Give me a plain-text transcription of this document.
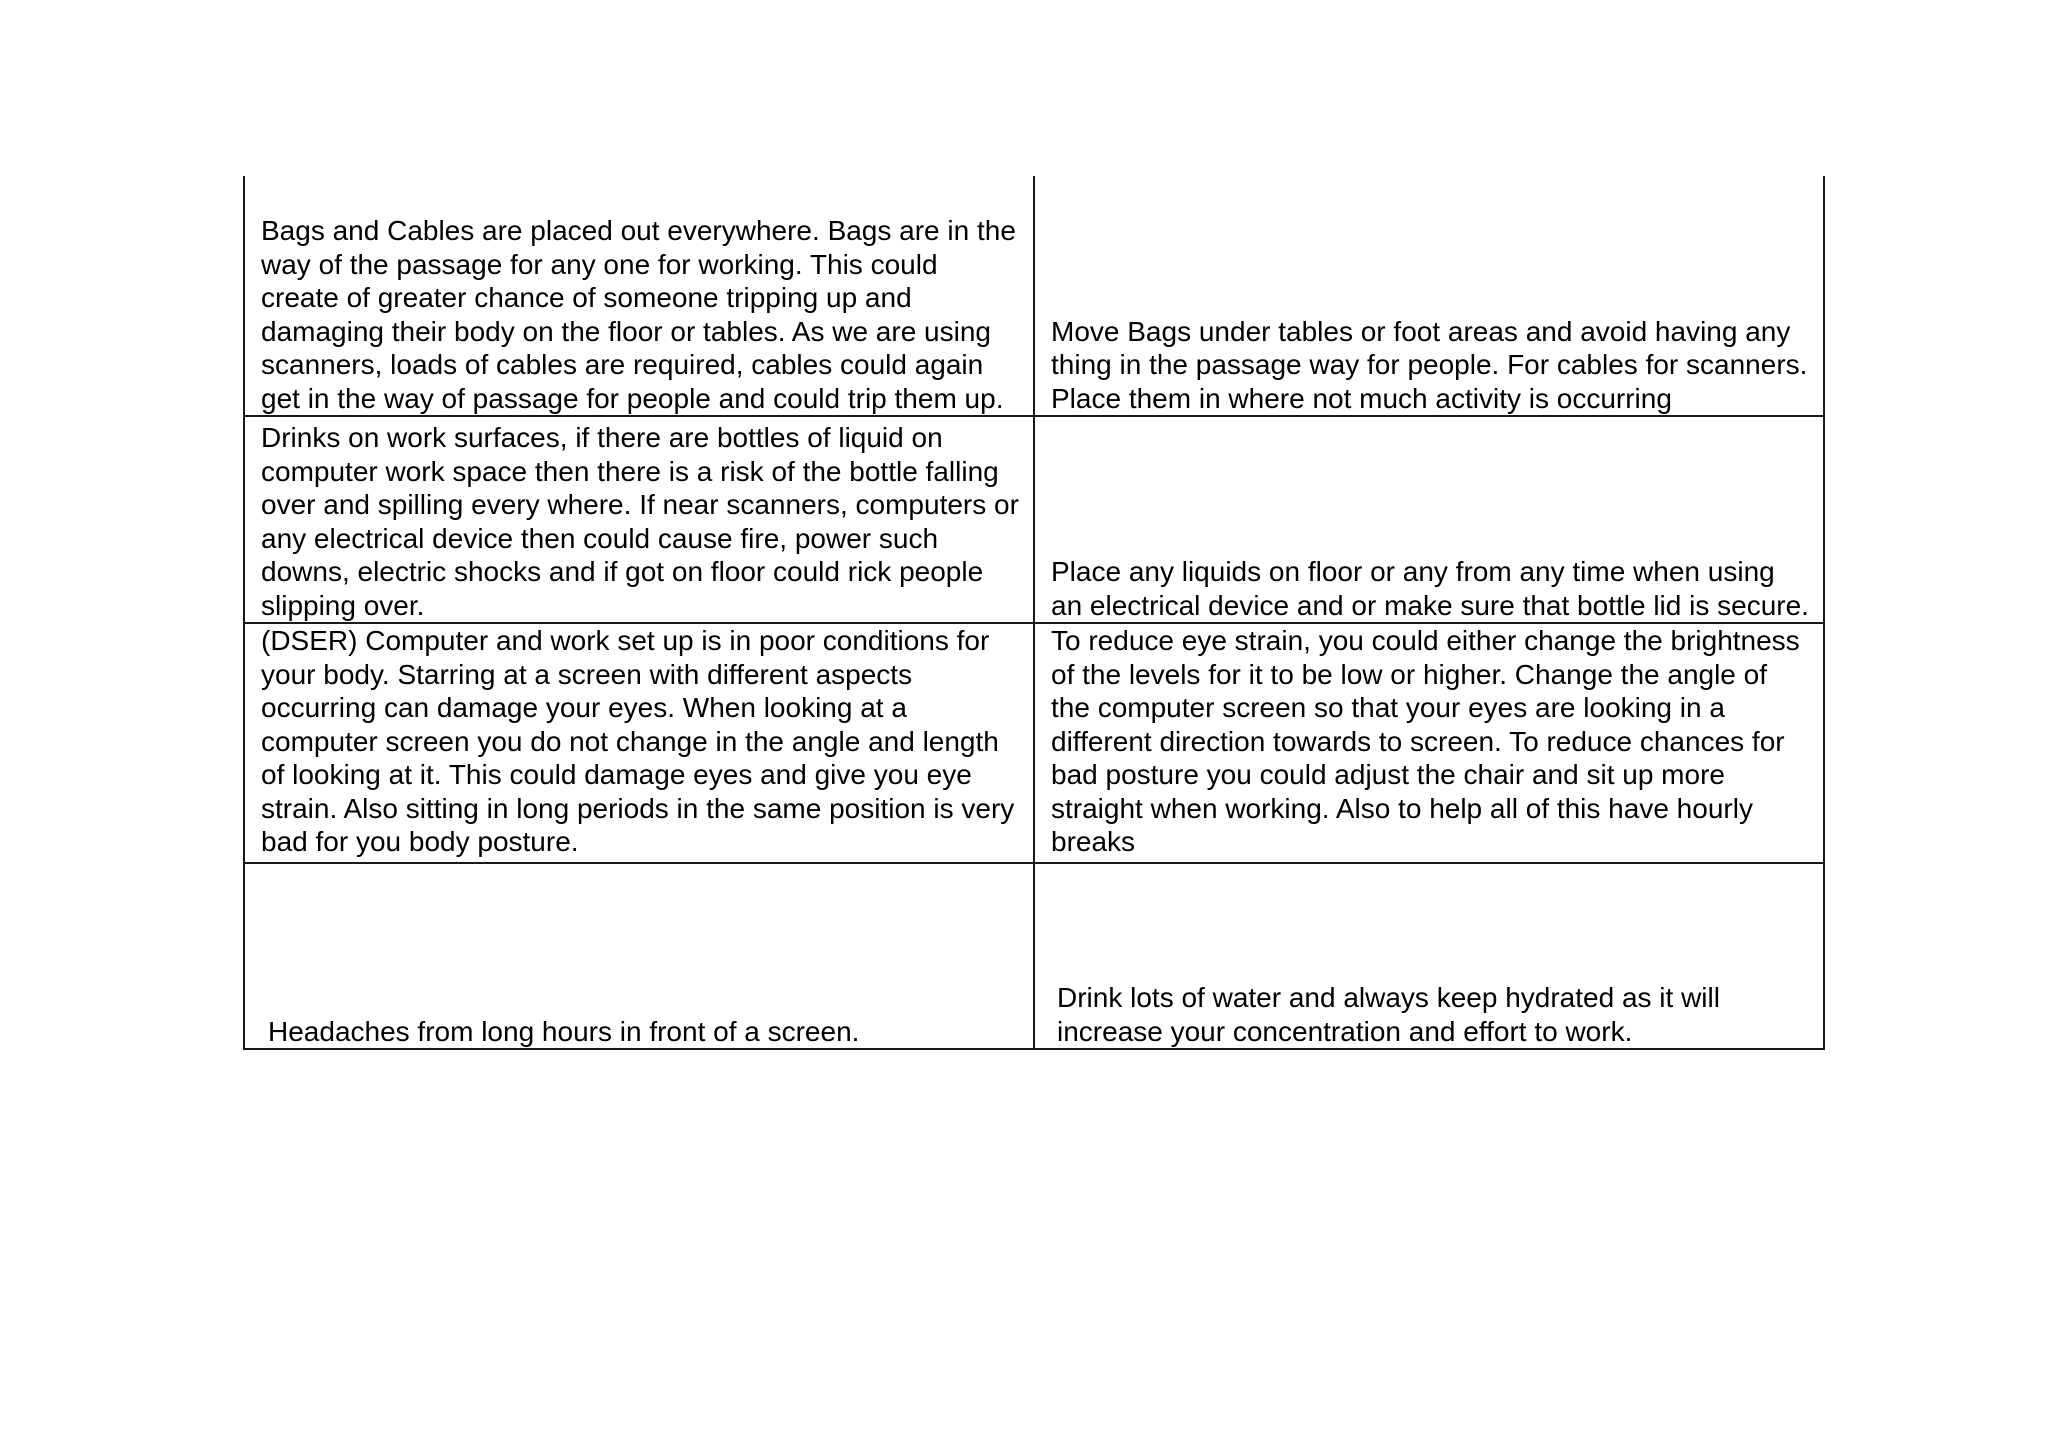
Bags and Cables are placed out everywhere. Bags are in the way of the passage for any one for working. This could create of greater chance of someone tripping up and damaging their body on the floor or tables. As we are using scanners, loads of cables are required, cables could again get in the way of passage for people and could trip them up.
Move Bags under tables or foot areas and avoid having any thing in the passage way for people. For cables for scanners. Place them in where not much activity is occurring
Drinks on work surfaces, if there are bottles of liquid on computer work space then there is a risk of the bottle falling over and spilling every where. If near scanners, computers or any electrical device then could cause fire, power such downs, electric shocks and if got on floor could rick people slipping over.
Place any liquids on floor or any from any time when using an electrical device and or make sure that bottle lid is secure.
(DSER) Computer and work set up is in poor conditions for your body. Starring at a screen with different aspects occurring can damage your eyes. When looking at a computer screen you do not change in the angle and length of looking at it. This could damage eyes and give you eye strain. Also sitting in long periods in the same position is very bad for you body posture.
To reduce eye strain, you could either change the brightness of the levels for it to be low or higher. Change the angle of the computer screen so that your eyes are looking in a different direction towards to screen. To reduce chances for bad posture you could adjust the chair and sit up more straight when working. Also to help all of this have hourly breaks
Headaches from long hours in front of a screen.
Drink lots of water and always keep hydrated as it will increase your concentration and effort to work.
